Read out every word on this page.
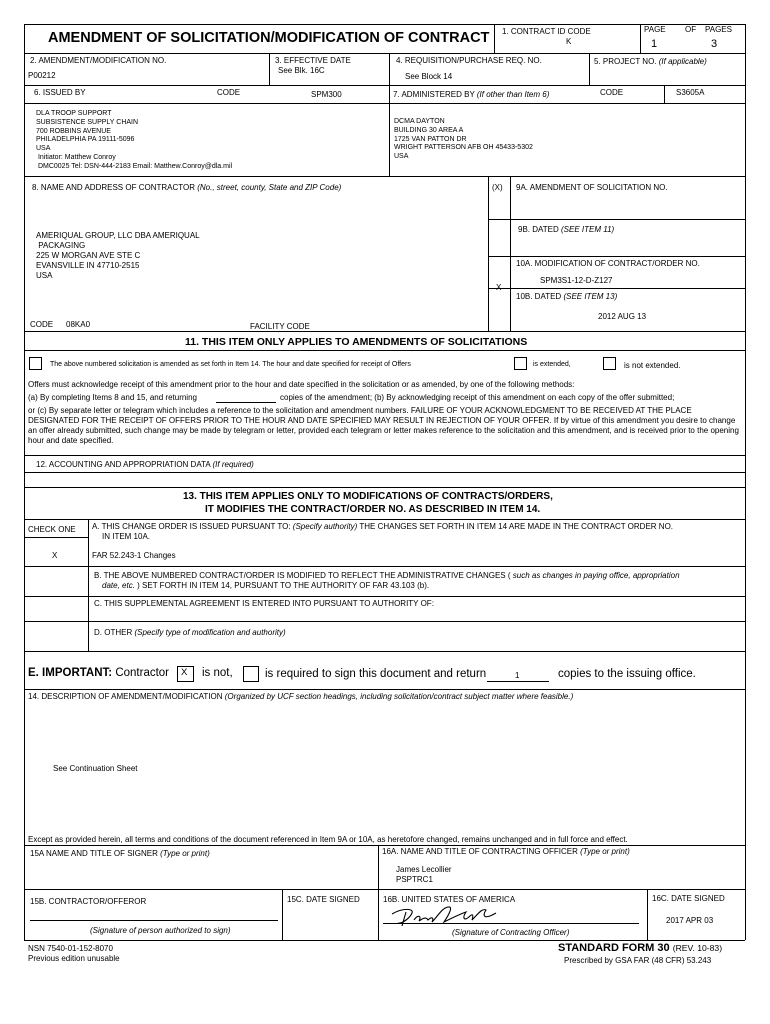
AMENDMENT OF SOLICITATION/MODIFICATION OF CONTRACT 1. CONTRACT ID CODE
K
PAGE OF PAGES
1	3
2. AMENDMENT/MODIFICATION NO.
P00212
3. EFFECTIVE DATE
See Blk. 16C
4. REQUISITION/PURCHASE REQ. NO.
See Block 14
5. PROJECT NO. (If applicable)
6. ISSUED BY	CODE	SPM300	7. ADMINISTERED BY (If other than Item 6)	CODE	S3605A
DLA TROOP SUPPORT
SUBSISTENCE SUPPLY CHAIN
700 ROBBINS AVENUE
PHILADELPHIA PA 19111-5096
USA
Initiator: Matthew Conroy
DMC0025 Tel: DSN-444-2183 Email: Matthew.Conroy@dla.mil
DCMA DAYTON
BUILDING 30 AREA A
1725 VAN PATTON DR
WRIGHT PATTERSON AFB OH 45433-5302
USA
8. NAME AND ADDRESS OF CONTRACTOR (No., street, county, State and ZIP Code)	(X)
AMERIQUAL GROUP, LLC DBA AMERIQUAL
PACKAGING
225 W MORGAN AVE STE C
EVANSVILLE IN 47710-2515
USA
CODE 08KA0	FACILITY CODE
9A. AMENDMENT OF SOLICITATION NO.
9B. DATED (SEE ITEM 11)
10A. MODIFICATION OF CONTRACT/ORDER NO.
SPM3S1-12-D-Z127
X
10B. DATED (SEE ITEM 13)
2012 AUG 13
11. THIS ITEM ONLY APPLIES TO AMENDMENTS OF SOLICITATIONS
The above numbered solicitation is amended as set forth in Item 14. The hour and date specified for receipt of Offers	is extended,	is not extended.
Offers must acknowledge receipt of this amendment prior to the hour and date specified in the solicitation or as amended, by one of the following methods:
(a) By completing Items 8 and 15, and returning	copies of the amendment; (b) By acknowledging receipt of this amendment on each copy of the offer submitted;
or (c) By separate letter or telegram which includes a reference to the solicitation and amendment numbers. FAILURE OF YOUR ACKNOWLEDGMENT TO BE RECEIVED AT THE PLACE DESIGNATED FOR THE RECEIPT OF OFFERS PRIOR TO THE HOUR AND DATE SPECIFIED MAY RESULT IN REJECTION OF YOUR OFFER. If by virtue of this amendment you desire to change an offer already submitted, such change may be made by telegram or letter, provided each telegram or letter makes reference to the solicitation and this amendment, and is received prior to the opening hour and date specified.
12. ACCOUNTING AND APPROPRIATION DATA (If required)
13. THIS ITEM APPLIES ONLY TO MODIFICATIONS OF CONTRACTS/ORDERS,
IT MODIFIES THE CONTRACT/ORDER NO. AS DESCRIBED IN ITEM 14.
CHECK ONE A. THIS CHANGE ORDER IS ISSUED PURSUANT TO: (Specify authority) THE CHANGES SET FORTH IN ITEM 14 ARE MADE IN THE CONTRACT ORDER NO.
IN ITEM 10A.
X	FAR 52.243-1 Changes
B. THE ABOVE NUMBERED CONTRACT/ORDER IS MODIFIED TO REFLECT THE ADMINISTRATIVE CHANGES ( such as changes in paying office, appropriation
date, etc. ) SET FORTH IN ITEM 14, PURSUANT TO THE AUTHORITY OF FAR 43.103 (b).
C. THIS SUPPLEMENTAL AGREEMENT IS ENTERED INTO PURSUANT TO AUTHORITY OF:
D. OTHER (Specify type of modification and authority)
E. IMPORTANT: Contractor X is not,	is required to sign this document and return	1	copies to the issuing office.
14. DESCRIPTION OF AMENDMENT/MODIFICATION (Organized by UCF section headings, including solicitation/contract subject matter where feasible.)
See Continuation Sheet
Except as provided herein, all terms and conditions of the document referenced in Item 9A or 10A, as heretofore changed, remains unchanged and in full force and effect.
15A NAME AND TITLE OF SIGNER (Type or print)	16A. NAME AND TITLE OF CONTRACTING OFFICER (Type or print)
James Lecollier
PSPTRC1
15B. CONTRACTOR/OFFEROR
(Signature of person authorized to sign)
15C. DATE SIGNED	16B. UNITED STATES OF AMERICA
(Signature of Contracting Officer)
16C. DATE SIGNED
2017 APR 03
NSN 7540-01-152-8070
Previous edition unusable
STANDARD FORM 30 (REV. 10-83)
Prescribed by GSA FAR (48 CFR) 53.243
